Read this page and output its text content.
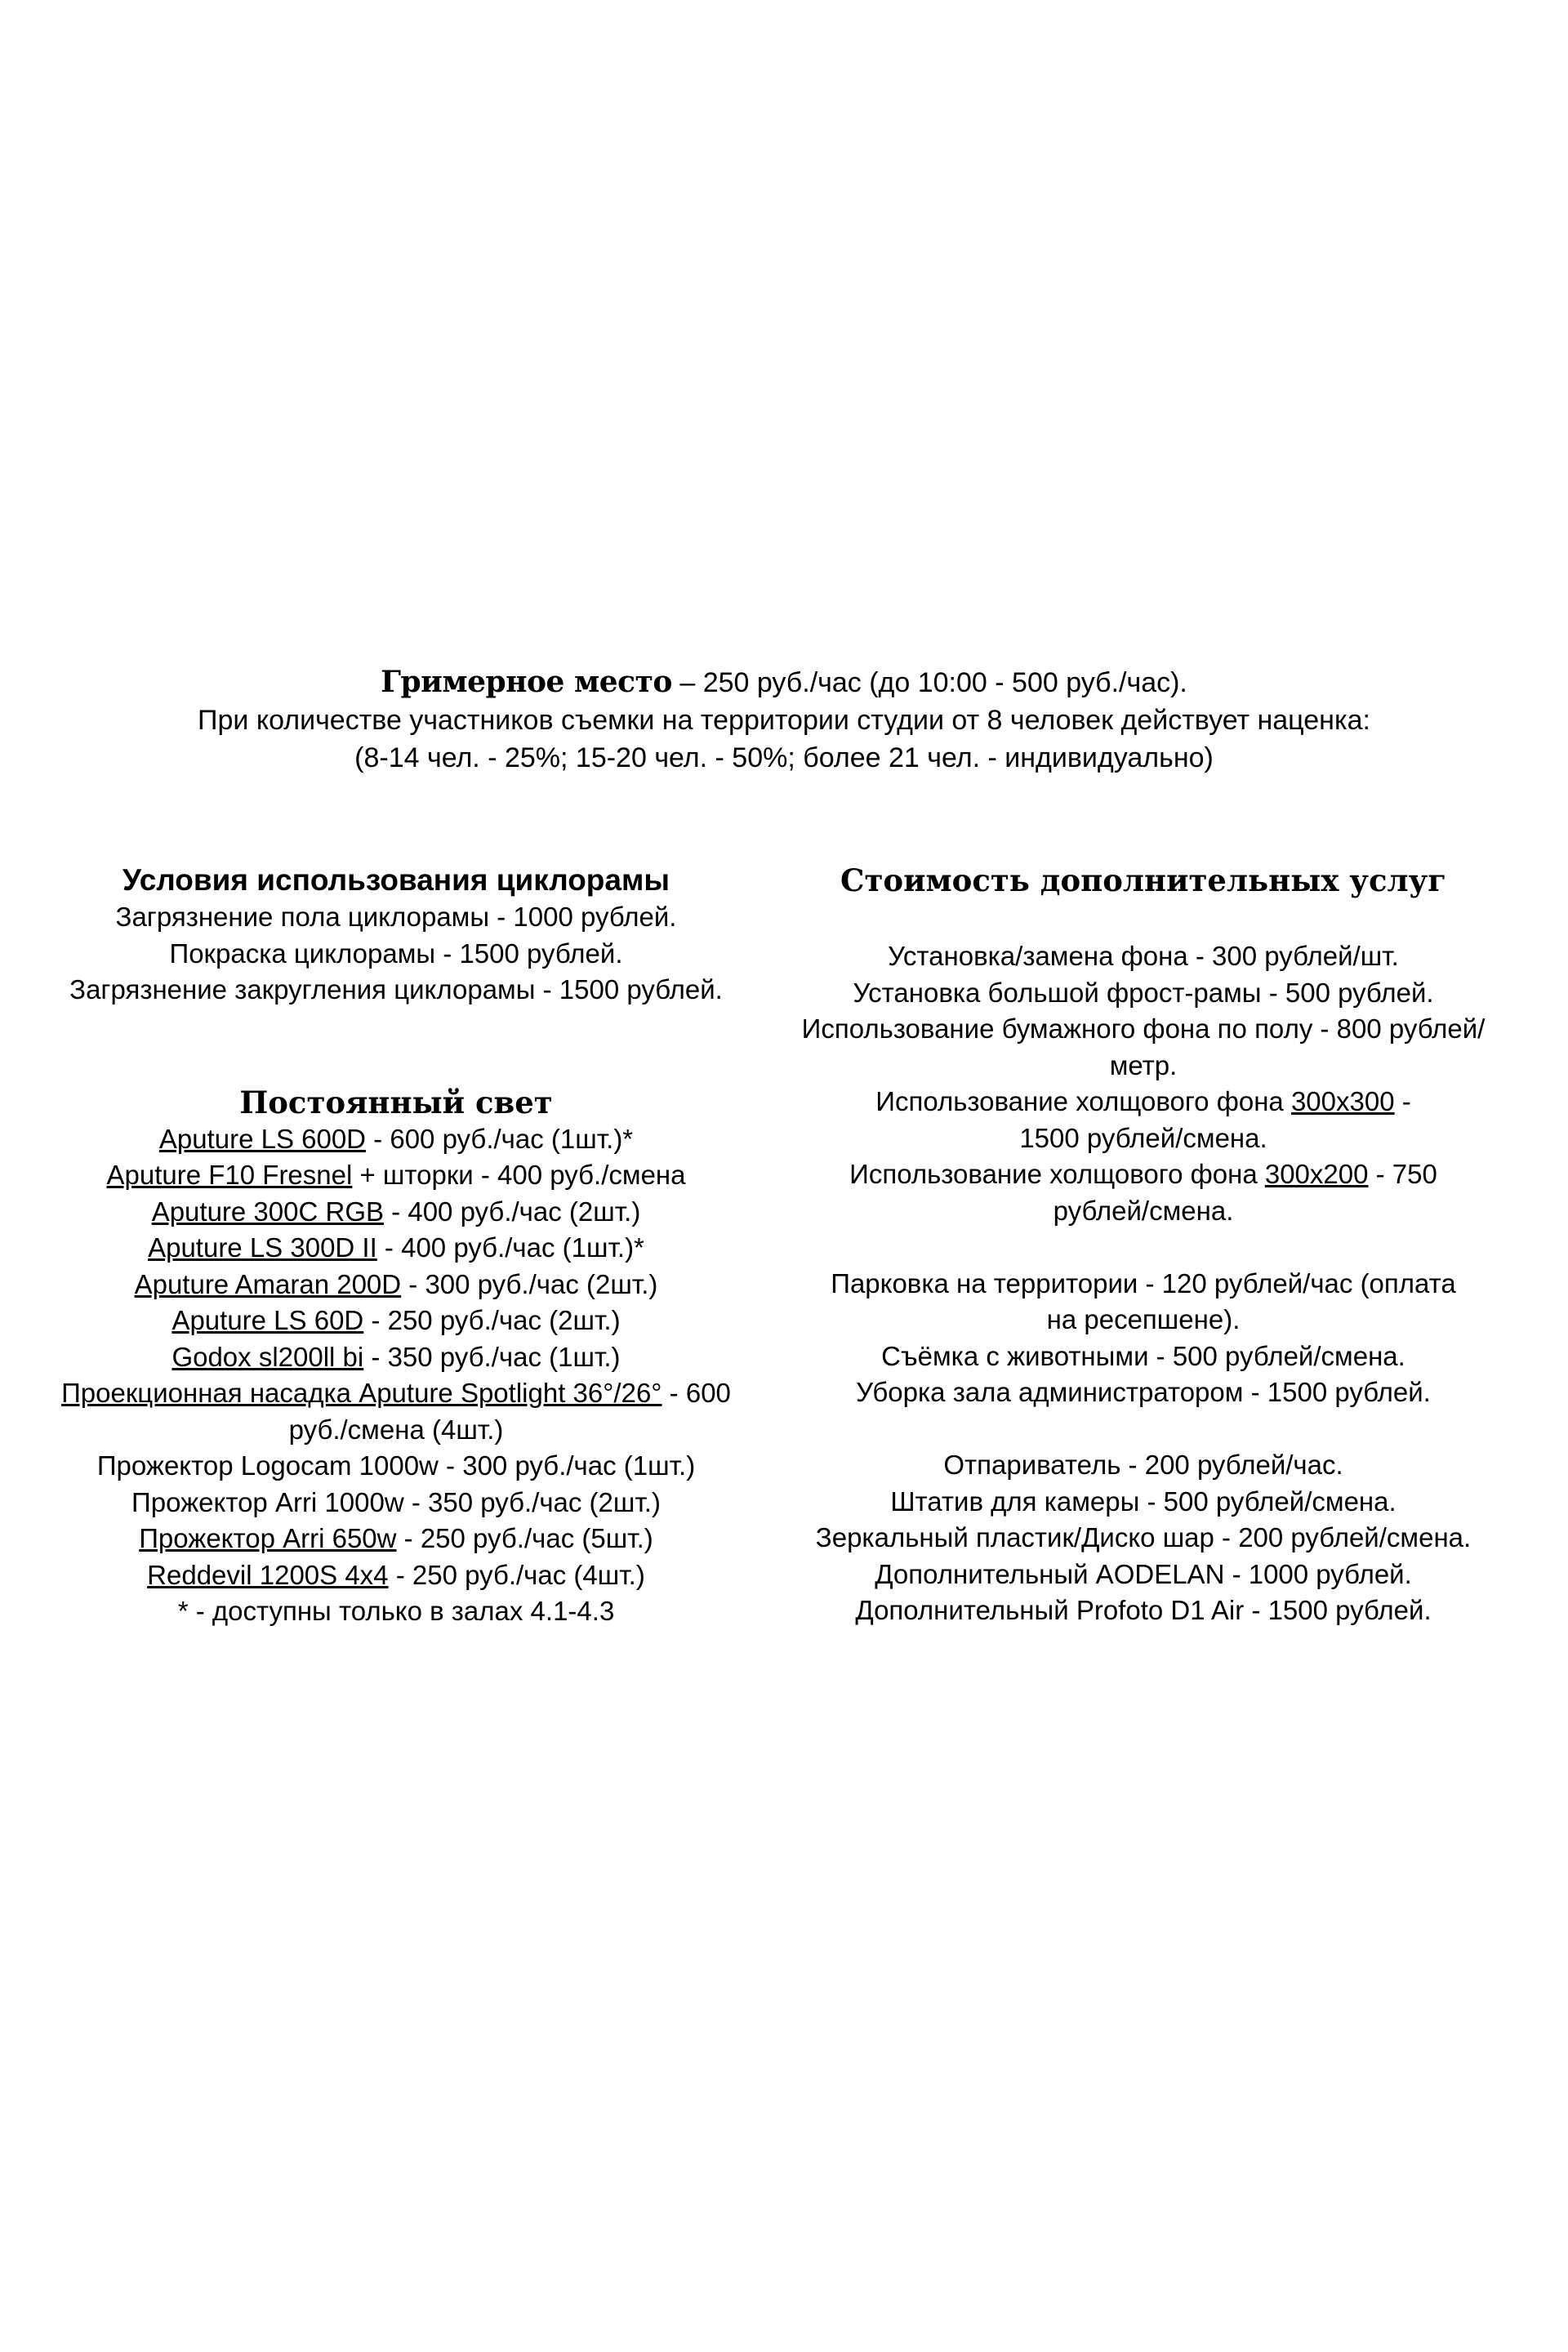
Гримерное место – 250 руб./час (до 10:00 - 500 руб./час).
При количестве участников съемки на территории студии от 8 человек действует наценка:
(8-14 чел. - 25%; 15-20 чел. - 50%; более 21 чел. - индивидуально)
Условия использования циклорамы
Загрязнение пола циклорамы - 1000 рублей.
Покраска циклорамы - 1500 рублей.
Загрязнение закругления циклорамы - 1500 рублей.
Постоянный свет
Aputure LS 600D - 600 руб./час (1шт.)*
Aputure F10 Fresnel + шторки - 400 руб./смена
Aputure 300C RGB - 400 руб./час (2шт.)
Aputure LS 300D II - 400 руб./час (1шт.)*
Aputure Amaran 200D - 300 руб./час (2шт.)
Aputure LS 60D - 250 руб./час (2шт.)
Godox sl200ll bi - 350 руб./час (1шт.)
Проекционная насадка Aputure Spotlight 36°/26° - 600 руб./смена (4шт.)
Прожектор Logocam 1000w - 300 руб./час (1шт.)
Прожектор Arri 1000w - 350 руб./час (2шт.)
Прожектор Arri 650w - 250 руб./час (5шт.)
Reddevil 1200S 4x4 - 250 руб./час (4шт.)
* - доступны только в залах 4.1-4.3
Стоимость дополнительных услуг
Установка/замена фона - 300 рублей/шт.
Установка большой фрост-рамы - 500 рублей.
Использование бумажного фона по полу - 800 рублей/метр.
Использование холщового фона 300х300 - 1500 рублей/смена.
Использование холщового фона 300х200 - 750 рублей/смена.
Парковка на территории - 120 рублей/час (оплата на ресепшене).
Съёмка с животными - 500 рублей/смена.
Уборка зала администратором - 1500 рублей.
Отпариватель - 200 рублей/час.
Штатив для камеры - 500 рублей/смена.
Зеркальный пластик/Диско шар - 200 рублей/смена.
Дополнительный AODELAN - 1000 рублей.
Дополнительный Profoto D1 Air - 1500 рублей.
